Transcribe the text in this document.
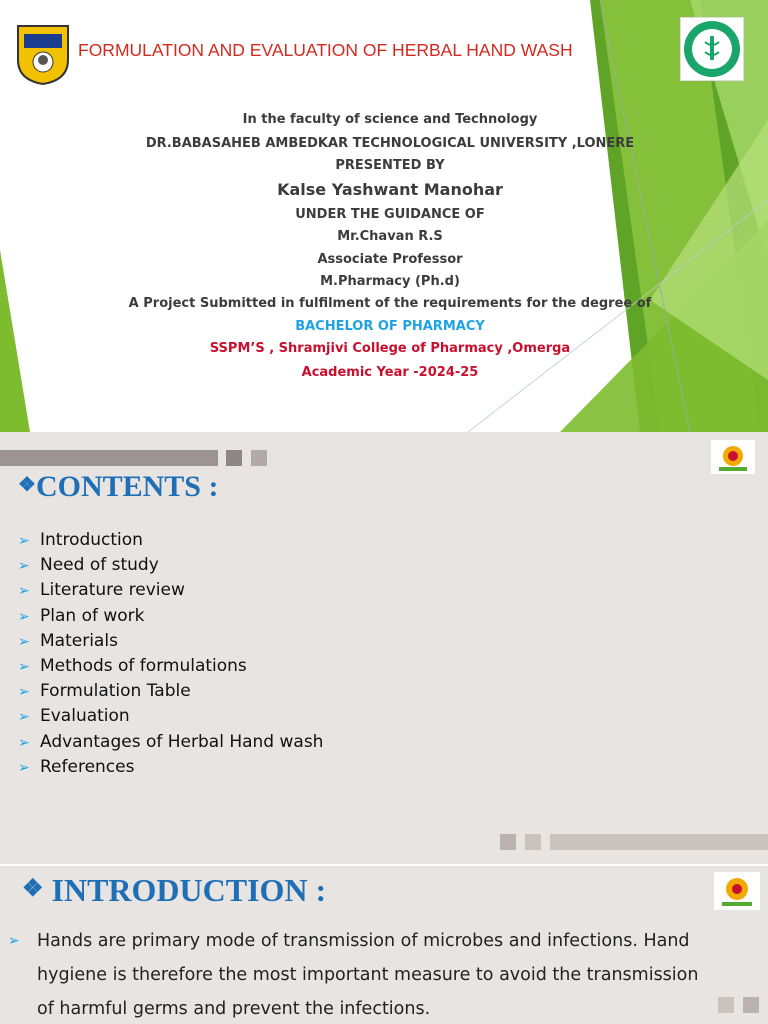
FORMULATION AND EVALUATION OF HERBAL HAND WASH
In the faculty of science and Technology
DR.BABASAHEB AMBEDKAR TECHNOLOGICAL UNIVERSITY ,LONERE
PRESENTED BY
Kalse Yashwant Manohar
UNDER THE GUIDANCE OF
Mr.Chavan R.S
Associate Professor
M.Pharmacy (Ph.d)
A Project Submitted in fulfilment of the requirements for the degree of
BACHELOR OF PHARMACY
SSPM’S , Shramjivi College of Pharmacy ,Omerga
Academic Year -2024-25
❖CONTENTS :
➢ Introduction
➢ Need of study
➢ Literature review
➢ Plan of work
➢ Materials
➢ Methods of formulations
➢ Formulation Table
➢ Evaluation
➢ Advantages of Herbal Hand wash
➢ References
❖ INTRODUCTION :
➢ Hands are primary mode of transmission of microbes and infections. Hand
hygiene is therefore the most important measure to avoid the transmission
of harmful germs and prevent the infections.
